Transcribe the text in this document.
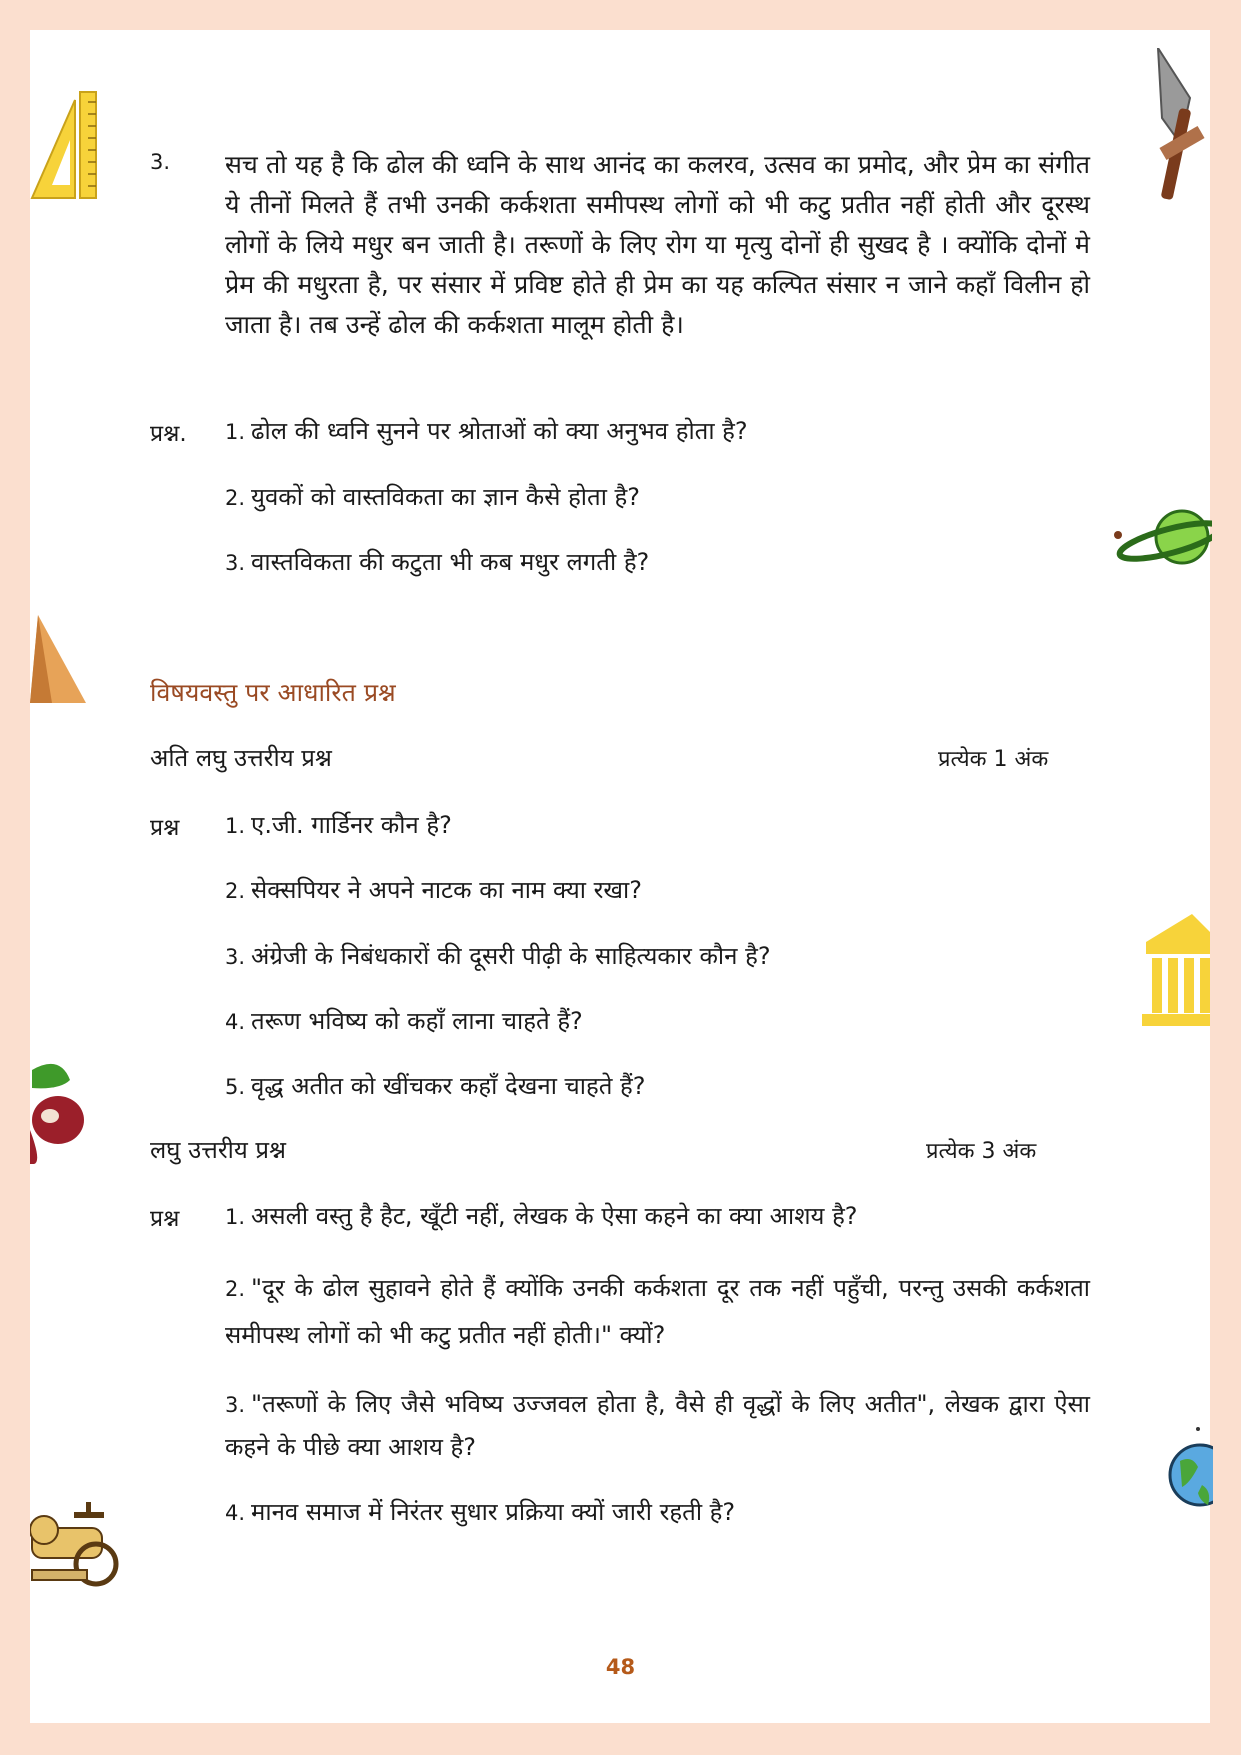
3. सच तो यह है कि ढोल की ध्वनि के साथ आनंद का कलरव, उत्सव का प्रमोद, और प्रेम का संगीत ये तीनों मिलते हैं तभी उनकी कर्कशता समीपस्थ लोगों को भी कटु प्रतीत नहीं होती और दूरस्थ लोगों के लिये मधुर बन जाती है। तरूणों के लिए रोग या मृत्यु दोनों ही सुखद है । क्योंकि दोनों मे प्रेम की मधुरता है, पर संसार में प्रविष्ट होते ही प्रेम का यह कल्पित संसार न जाने कहाँ विलीन हो जाता है। तब उन्हें ढोल की कर्कशता मालूम होती है।
प्रश्न. 1. ढोल की ध्वनि सुनने पर श्रोताओं को क्या अनुभव होता है?
2. युवकों को वास्तविकता का ज्ञान कैसे होता है?
3. वास्तविकता की कटुता भी कब मधुर लगती है?
विषयवस्तु पर आधारित प्रश्न
अति लघु उत्तरीय प्रश्न	प्रत्येक 1 अंक
प्रश्न 1. ए.जी. गार्डिनर कौन है?
2. सेक्सपियर ने अपने नाटक का नाम क्या रखा?
3. अंग्रेजी के निबंधकारों की दूसरी पीढ़ी के साहित्यकार कौन है?
4. तरूण भविष्य को कहाँ लाना चाहते हैं?
5. वृद्ध अतीत को खींचकर कहाँ देखना चाहते हैं?
लघु उत्तरीय प्रश्न	प्रत्येक 3 अंक
प्रश्न 1. असली वस्तु है हैट, खूँटी नहीं, लेखक के ऐसा कहने का क्या आशय है?
2. "दूर के ढोल सुहावने होते हैं क्योंकि उनकी कर्कशता दूर तक नहीं पहुँची, परन्तु उसकी कर्कशता समीपस्थ लोगों को भी कटु प्रतीत नहीं होती।" क्यों?
3. "तरूणों के लिए जैसे भविष्य उज्जवल होता है, वैसे ही वृद्धों के लिए अतीत", लेखक द्वारा ऐसा कहने के पीछे क्या आशय है?
4. मानव समाज में निरंतर सुधार प्रक्रिया क्यों जारी रहती है?
48
